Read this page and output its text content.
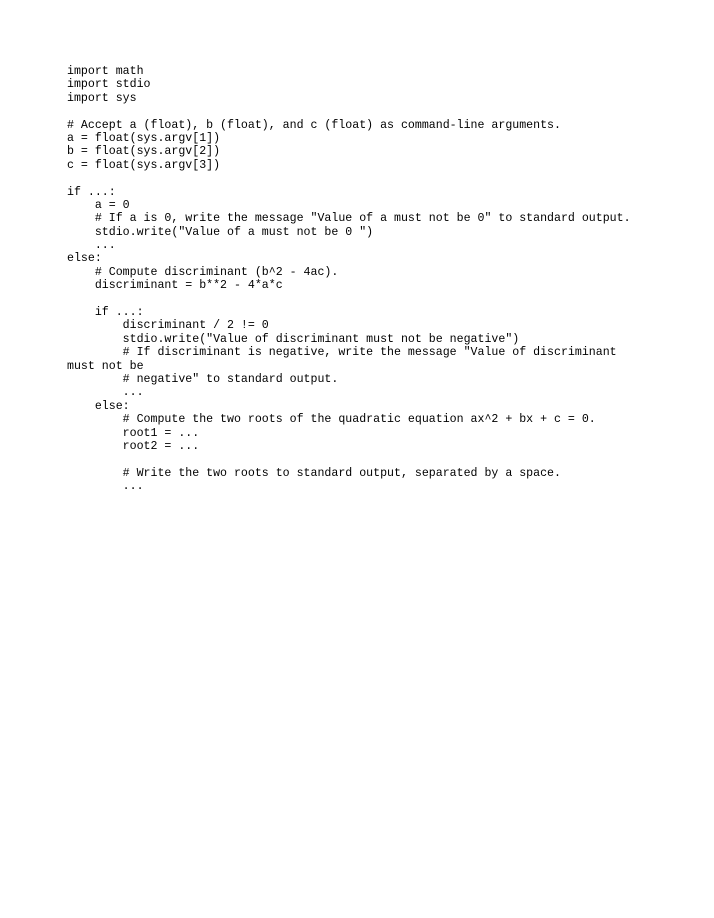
import math
import stdio
import sys
# Accept a (float), b (float), and c (float) as command-line arguments.
a = float(sys.argv[1])
b = float(sys.argv[2])
c = float(sys.argv[3])
if ...:
a = 0
# If a is 0, write the message "Value of a must not be 0" to standard output.
stdio.write("Value of a must not be 0 ")
...
else:
# Compute discriminant (b^2 - 4ac).
discriminant = b**2 - 4*a*c
if ...:
discriminant / 2 != 0
stdio.write("Value of discriminant must not be negative")
# If discriminant is negative, write the message "Value of discriminant
must not be
# negative" to standard output.
...
else:
# Compute the two roots of the quadratic equation ax^2 + bx + c = 0.
root1 = ...
root2 = ...
# Write the two roots to standard output, separated by a space.
...
